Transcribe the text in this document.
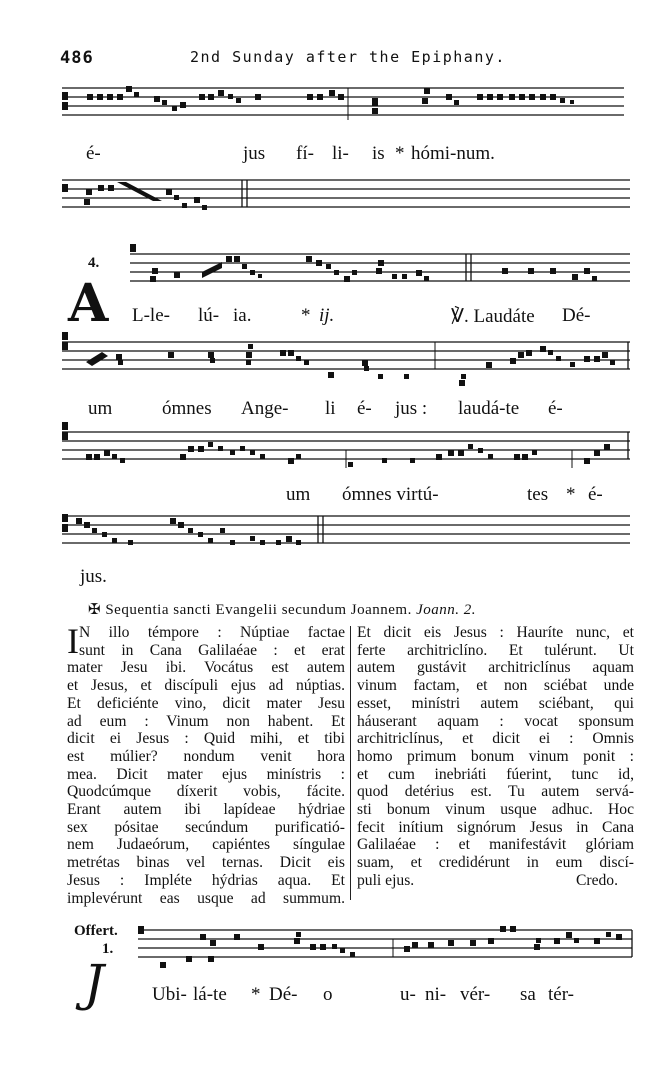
486	2nd Sunday after the Epiphany.
é-	jus fí- li- is * hómi-num.
4.
A L-le- lú- ia.	* ij.	℣. Laudáte Dé-
um	ómnes Ange- li é- jus : laudá-te é-
um ómnes virtú-	tes * é-
jus.
✠ Sequentia sancti Evangelii secundum Joannem. Joann. 2.
I N illo témpore : Núptiae factae
sunt in Cana Galilaéae : et erat
mater Jesu ibi. Vocátus est autem
et Jesus, et discípuli ejus ad núptias.
Et deficiénte vino, dicit mater Jesu
ad eum : Vinum non habent. Et
dicit ei Jesus : Quid mihi, et tibi
est múlier? nondum venit hora
mea. Dicit mater ejus minístris :
Quodcúmque díxerit vobis, fácite.
Erant autem ibi lapídeae hýdriae
sex pósitae secúndum purificatió-
nem Judaeórum, capiéntes síngulae
metrétas binas vel ternas. Dicit eis
Jesus : Impléte hýdrias aqua. Et
implevérunt eas usque ad summum.
Et dicit eis Jesus : Hauríte nunc, et
ferte architriclíno. Et tulérunt. Ut
autem gustávit architriclínus aquam
vinum factam, et non sciébat unde
esset, minístri autem sciébant, qui
háuserant aquam : vocat sponsum
architriclínus, et dicit ei : Omnis
homo primum bonum vinum ponit :
et cum inebriáti fúerint, tunc id,
quod detérius est. Tu autem servá-
sti bonum vinum usque adhuc. Hoc
fecit inítium signórum Jesus in Cana
Galilaéae : et manifestávit glóriam
suam, et credidérunt in eum discí-
puli ejus.	Credo.
Offert.
1.
J	Ubi- lá-te * Dé- o	u- ni- vér- sa tér-
